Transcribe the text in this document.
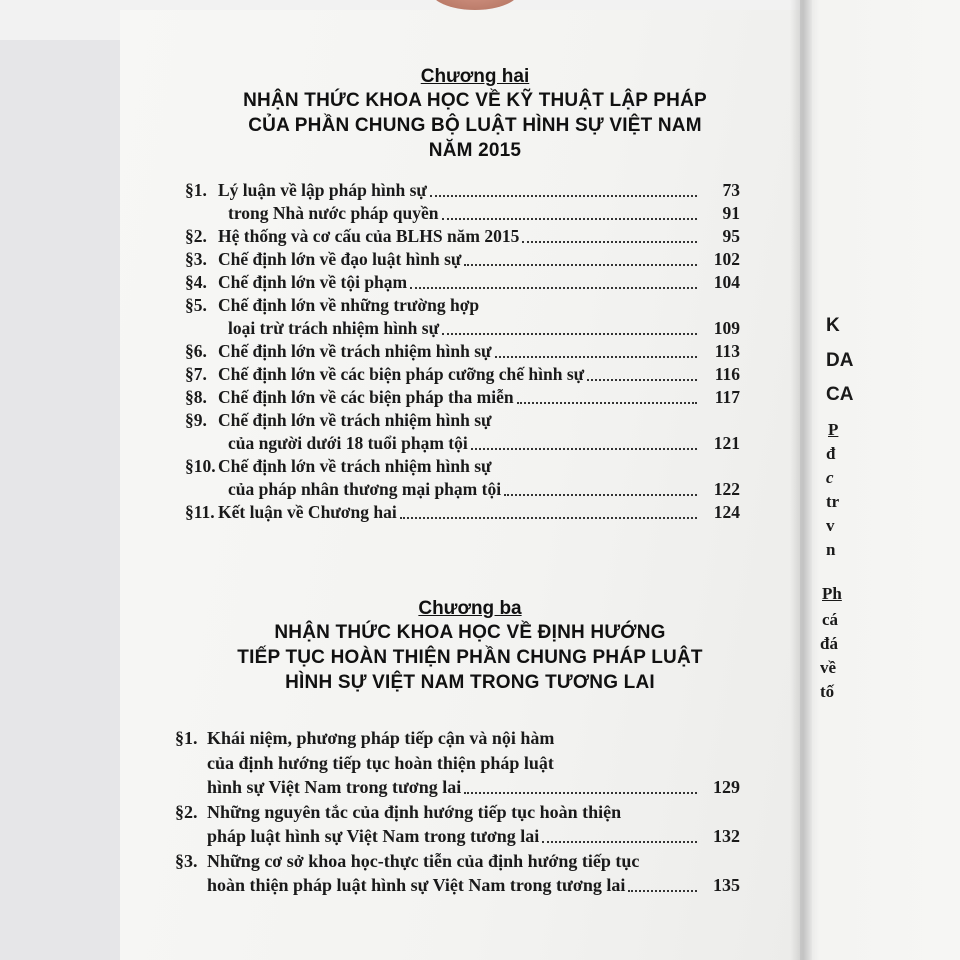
Chương hai
NHẬN THỨC KHOA HỌC VỀ KỸ THUẬT LẬP PHÁP
CỦA PHẦN CHUNG BỘ LUẬT HÌNH SỰ VIỆT NAM
NĂM 2015
§1. Lý luận về lập pháp hình sự	73
trong Nhà nước pháp quyền	91
§2. Hệ thống và cơ cấu của BLHS năm 2015	95
§3. Chế định lớn về đạo luật hình sự	102
§4. Chế định lớn về tội phạm	104
§5. Chế định lớn về những trường hợp
loại trừ trách nhiệm hình sự	109
§6. Chế định lớn về trách nhiệm hình sự	113
§7. Chế định lớn về các biện pháp cưỡng chế hình sự	116
§8. Chế định lớn về các biện pháp tha miễn	117
§9. Chế định lớn về trách nhiệm hình sự
của người dưới 18 tuổi phạm tội	121
§10. Chế định lớn về trách nhiệm hình sự
của pháp nhân thương mại phạm tội	122
§11. Kết luận về Chương hai	124
Chương ba
NHẬN THỨC KHOA HỌC VỀ ĐỊNH HƯỚNG
TIẾP TỤC HOÀN THIỆN PHẦN CHUNG PHÁP LUẬT
HÌNH SỰ VIỆT NAM TRONG TƯƠNG LAI
§1. Khái niệm, phương pháp tiếp cận và nội hàm
của định hướng tiếp tục hoàn thiện pháp luật
hình sự Việt Nam trong tương lai	129
§2. Những nguyên tắc của định hướng tiếp tục hoàn thiện
pháp luật hình sự Việt Nam trong tương lai	132
§3. Những cơ sở khoa học-thực tiễn của định hướng tiếp tục
hoàn thiện pháp luật hình sự Việt Nam trong tương lai	135
K
DA
CA
P
đ
c
tr
v
n
Ph
cá
đá
về
tố
